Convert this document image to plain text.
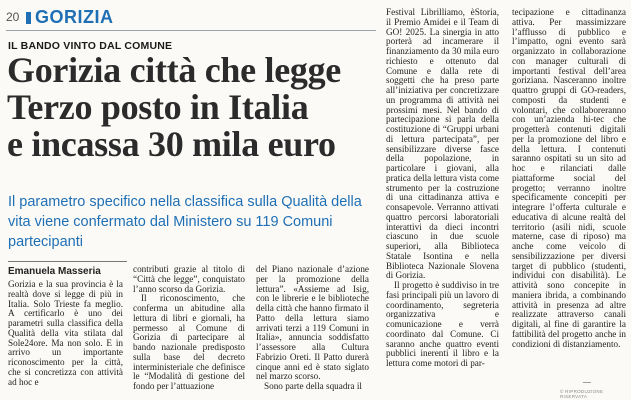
20 GORIZIA
IL BANDO VINTO DAL COMUNE
Gorizia città che legge
Terzo posto in Italia
e incassa 30 mila euro
Il parametro specifico nella classifica sulla Qualità della vita viene confermato dal Ministero su 119 Comuni partecipanti
Emanuela Masseria

Gorizia e la sua provincia è la realtà dove si legge di più in Italia. Solo Trieste fa meglio. A certificarlo è uno dei parametri sulla classifica della Qualità della vita stilata dal Sole24ore. Ma non solo. E in arrivo un importante riconoscimento per la città, che si concretizza con attività ad hoc e

contributi grazie al titolo di “Città che legge”, conquistato l’anno scorso da Gorizia.

Il riconoscimento, che conferma un abitudine alla lettura di libri e giornali, ha permesso al Comune di Gorizia di partecipare al bando nazionale predisposto sulla base del decreto interministeriale che definisce le “Modalità di gestione del fondo per l’attuazione

del Piano nazionale d’azione per la promozione della lettura”. «Assieme ad Isig, con le librerie e le biblioteche della città che hanno firmato il Patto della lettura siamo arrivati terzi a 119 Comuni in Italia», annuncia soddisfatto l’assessore alla Cultura Fabrizio Oreti. Il Patto durerà cinque anni ed è stato siglato nel marzo scorso.

Sono parte della squadra il

Festival Librilliamo, èStoria, il Premio Amidei e il Team di GO! 2025. La sinergia in atto porterà ad incamerare il finanziamento da 30 mila euro richiesto e ottenuto dal Comune e dalla rete di soggetti che ha preso parte all’iniziativa per concretizzare un programma di attività nei prossimi mesi. Nel bando di partecipazione si parla della costituzione di “Gruppi urbani di lettura partecipata”, per sensibilizzare diverse fasce della popolazione, in particolare i giovani, alla pratica della lettura vista come strumento per la costruzione di una cittadinanza attiva e consapevole. Verranno attivati quattro percorsi laboratoriali interattivi da dieci incontri ciascuno in due scuole superiori, alla Biblioteca Statale Isontina e nella Biblioteca Nazionale Slovena di Gorizia.

Il progetto è suddiviso in tre fasi principali più un lavoro di coordinamento, segreteria organizzativa e comunicazione e verrà coordinato dal Comune. Ci saranno anche quattro eventi pubblici inerenti il libro e la lettura come motori di par-

tecipazione e cittadinanza attiva. Per massimizzare l’afflusso di pubblico e l’impatto, ogni evento sarà organizzato in collaborazione con manager culturali di importanti festival dell’area goriziana. Nasceranno inoltre quattro gruppi di GO-readers, composti da studenti e volontari, che collaboreranno con un’azienda hi-tec che progetterà contenuti digitali per la promozione del libro e della lettura. I contenuti saranno ospitati su un sito ad hoc e rilanciati dalle piattaforme social del progetto; verranno inoltre specificamente concepiti per integrare l’offerta culturale e educativa di alcune realtà del territorio (asili nidi, scuole materne, case di riposo) ma anche come veicolo di sensibilizzazione per diversi target di pubblico (studenti, individui con disabilità). Le attività sono concepite in maniera ibrida, a combinando attività in presenza ad altre realizzate attraverso canali digitali, al fine di garantire la fattibilità del progetto anche in condizioni di distanziamento.

—
© RIPRODUZIONE RISERVATA
